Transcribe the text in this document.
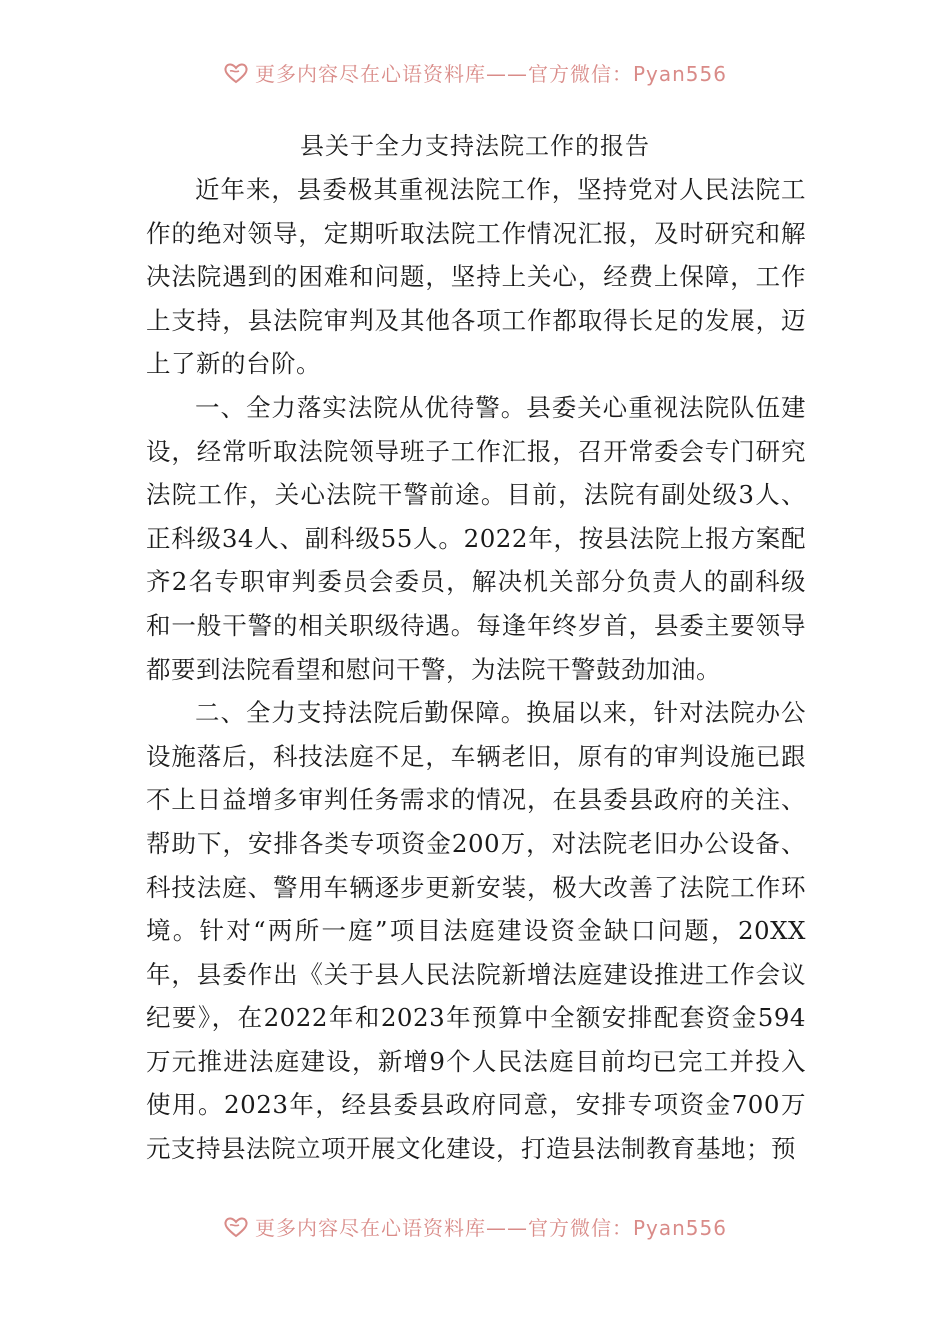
更多内容尽在心语资料库——官方微信：Pyan556
县关于全力支持法院工作的报告

近年来，县委极其重视法院工作，坚持党对人民法院工作的绝对领导，定期听取法院工作情况汇报，及时研究和解决法院遇到的困难和问题，坚持上关心，经费上保障，工作上支持，县法院审判及其他各项工作都取得长足的发展，迈上了新的台阶。

一、全力落实法院从优待警。县委关心重视法院队伍建设，经常听取法院领导班子工作汇报，召开常委会专门研究法院工作，关心法院干警前途。目前，法院有副处级3人、正科级34人、副科级55人。2022年，按县法院上报方案配齐2名专职审判委员会委员，解决机关部分负责人的副科级和一般干警的相关职级待遇。每逢年终岁首，县委主要领导都要到法院看望和慰问干警，为法院干警鼓劲加油。

二、全力支持法院后勤保障。换届以来，针对法院办公设施落后，科技法庭不足，车辆老旧，原有的审判设施已跟不上日益增多审判任务需求的情况，在县委县政府的关注、帮助下，安排各类专项资金200万，对法院老旧办公设备、科技法庭、警用车辆逐步更新安装，极大改善了法院工作环境。针对“两所一庭”项目法庭建设资金缺口问题，20XX年，县委作出《关于县人民法院新增法庭建设推进工作会议纪要》，在2022年和2023年预算中全额安排配套资金594万元推进法庭建设，新增9个人民法庭目前均已完工并投入使用。2023年，经县委县政府同意，安排专项资金700万元支持县法院立项开展文化建设，打造县法制教育基地；预

更多内容尽在心语资料库——官方微信：Pyan556
